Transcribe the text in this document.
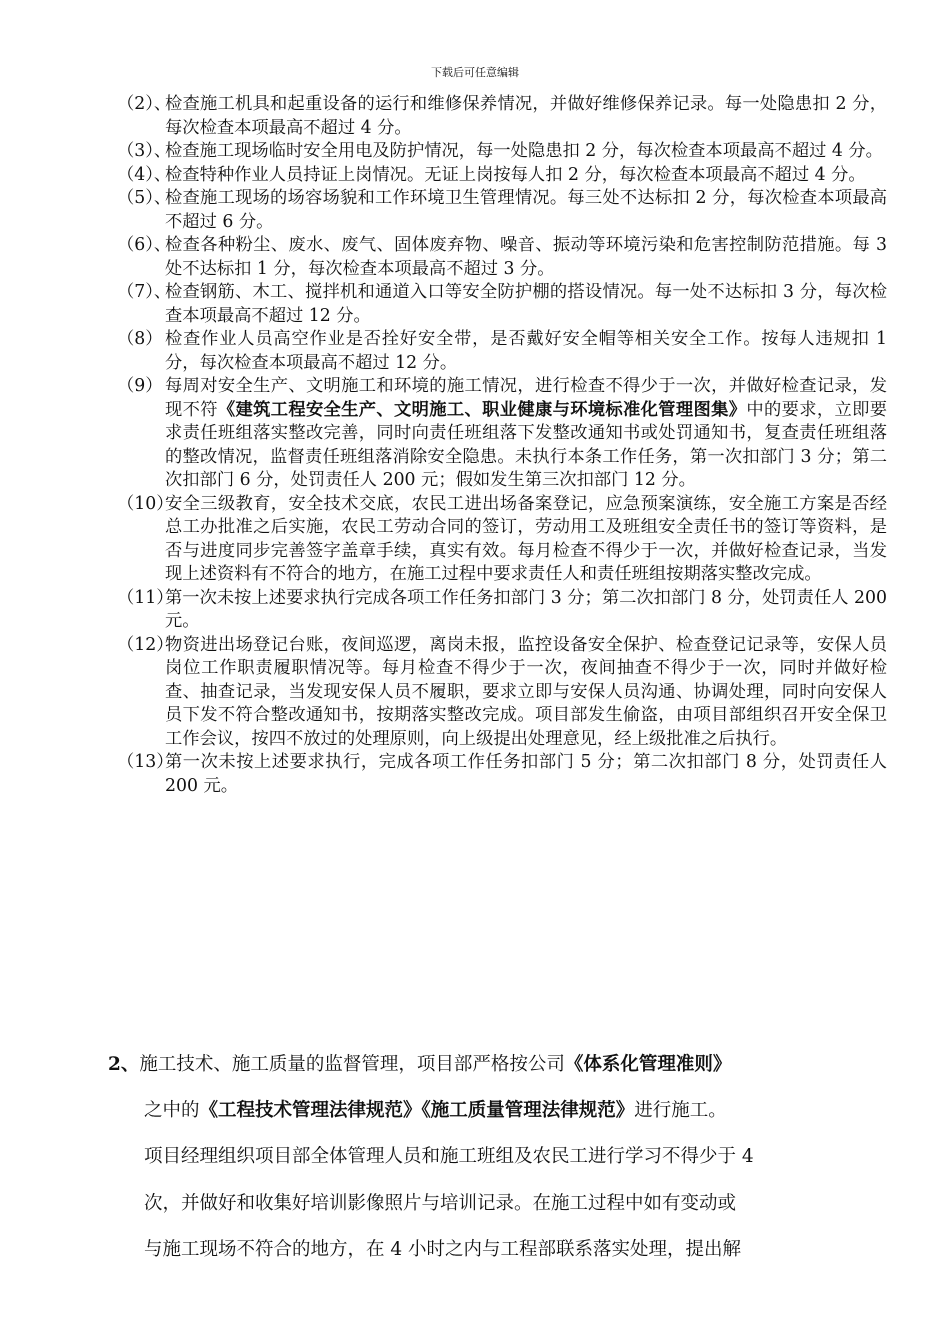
下载后可任意编辑
（2）、
检查施工机具和起重设备的运行和维修保养情况，并做好维修保养记录。每一处隐患扣 2 分，每次检查本项最高不超过 4 分。
（3）、
检查施工现场临时安全用电及防护情况，每一处隐患扣 2 分，每次检查本项最高不超过 4 分。
（4）、
检查特种作业人员持证上岗情况。无证上岗按每人扣 2 分，每次检查本项最高不超过 4 分。
（5）、
检查施工现场的场容场貌和工作环境卫生管理情况。每三处不达标扣 2 分，每次检查本项最高不超过 6 分。
（6）、
检查各种粉尘、废水、废气、固体废弃物、噪音、振动等环境污染和危害控制防范措施。每 3 处不达标扣 1 分，每次检查本项最高不超过 3 分。
（7）、
检查钢筋、木工、搅拌机和通道入口等安全防护棚的搭设情况。每一处不达标扣 3 分，每次检查本项最高不超过 12 分。
（8） 检查作业人员高空作业是否拴好安全带，是否戴好安全帽等相关安全工作。按每人违规扣 1 分，每次检查本项最高不超过 12 分。
（9） 每周对安全生产、文明施工和环境的施工情况，进行检查不得少于一次，并做好检查记录，发现不符《建筑工程安全生产、文明施工、职业健康与环境标准化管理图集》中的要求，立即要求责任班组落实整改完善，同时向责任班组落下发整改通知书或处罚通知书，复查责任班组落的整改情况，监督责任班组落消除安全隐患。未执行本条工作任务，第一次扣部门 3 分；第二次扣部门 6 分，处罚责任人 200 元；假如发生第三次扣部门 12 分。
（10）
安全三级教育，安全技术交底，农民工进出场备案登记，应急预案演练，安全施工方案是否经总工办批准之后实施，农民工劳动合同的签订，劳动用工及班组安全责任书的签订等资料，是否与进度同步完善签字盖章手续，真实有效。每月检查不得少于一次，并做好检查记录，当发现上述资料有不符合的地方，在施工过程中要求责任人和责任班组按期落实整改完成。
（11）
第一次未按上述要求执行完成各项工作任务扣部门 3 分；第二次扣部门 8 分，处罚责任人 200 元。
（12）
物资进出场登记台账，夜间巡逻，离岗未报，监控设备安全保护、检查登记记录等，安保人员岗位工作职责履职情况等。每月检查不得少于一次，夜间抽查不得少于一次，同时并做好检查、抽查记录，当发现安保人员不履职，要求立即与安保人员沟通、协调处理，同时向安保人员下发不符合整改通知书，按期落实整改完成。项目部发生偷盗，由项目部组织召开安全保卫工作会议，按四不放过的处理原则，向上级提出处理意见，经上级批准之后执行。
（13）
第一次未按上述要求执行，完成各项工作任务扣部门 5 分；第二次扣部门 8 分，处罚责任人 200 元。
2、施工技术、施工质量的监督管理，项目部严格按公司《体系化管理准则》
之中的《工程技术管理法律规范》《施工质量管理法律规范》进行施工。
项目经理组织项目部全体管理人员和施工班组及农民工进行学习不得少于 4
次，并做好和收集好培训影像照片与培训记录。在施工过程中如有变动或
与施工现场不符合的地方，在 4 小时之内与工程部联系落实处理，提出解
